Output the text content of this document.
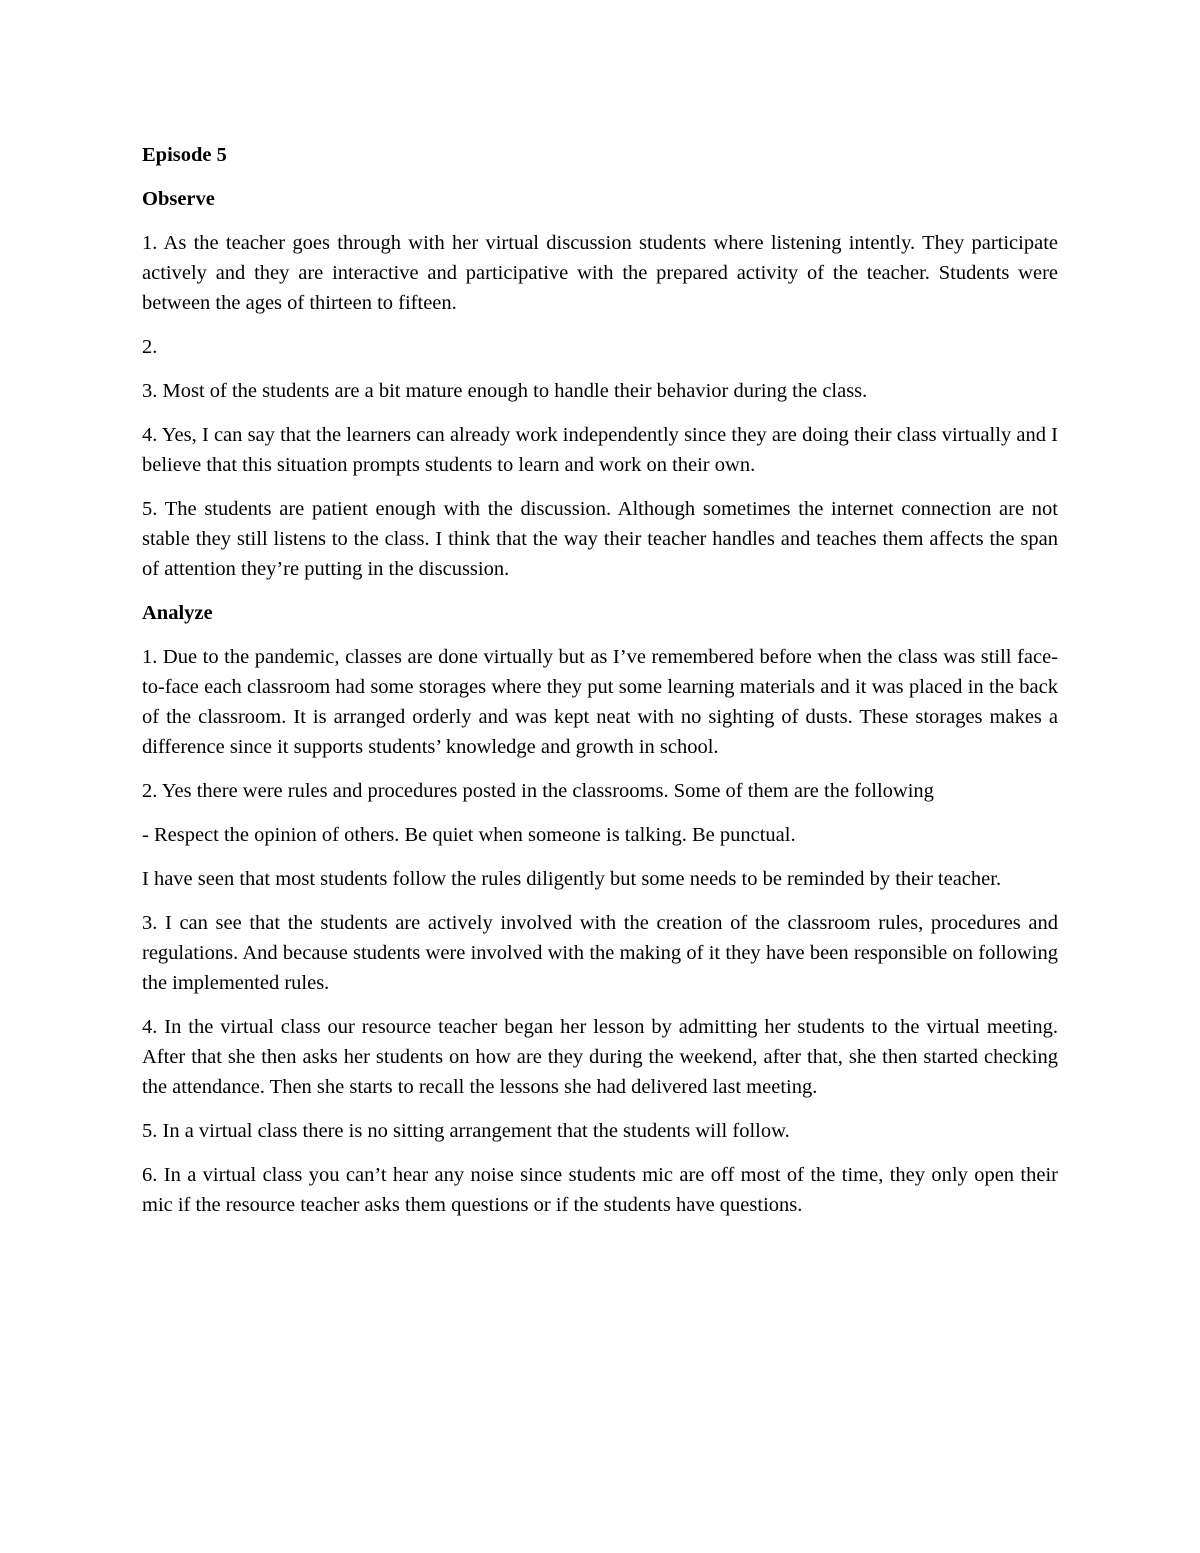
Episode 5
Observe

1. As the teacher goes through with her virtual discussion students where listening intently. They participate actively and they are interactive and participative with the prepared activity of the teacher. Students were between the ages of thirteen to fifteen.

2.

3. Most of the students are a bit mature enough to handle their behavior during the class.

4. Yes, I can say that the learners can already work independently since they are doing their class virtually and I believe that this situation prompts students to learn and work on their own.

5. The students are patient enough with the discussion. Although sometimes the internet connection are not stable they still listens to the class. I think that the way their teacher handles and teaches them affects the span of attention they’re putting in the discussion.

Analyze

1. Due to the pandemic, classes are done virtually but as I’ve remembered before when the class was still face-to-face each classroom had some storages where they put some learning materials and it was placed in the back of the classroom. It is arranged orderly and was kept neat with no sighting of dusts. These storages makes a difference since it supports students’ knowledge and growth in school.

2. Yes there were rules and procedures posted in the classrooms. Some of them are the following

- Respect the opinion of others. Be quiet when someone is talking. Be punctual.

I have seen that most students follow the rules diligently but some needs to be reminded by their teacher.

3. I can see that the students are actively involved with the creation of the classroom rules, procedures and regulations. And because students were involved with the making of it they have been responsible on following the implemented rules.

4. In the virtual class our resource teacher began her lesson by admitting her students to the virtual meeting. After that she then asks her students on how are they during the weekend, after that, she then started checking the attendance. Then she starts to recall the lessons she had delivered last meeting.

5. In a virtual class there is no sitting arrangement that the students will follow.

6. In a virtual class you can’t hear any noise since students mic are off most of the time, they only open their mic if the resource teacher asks them questions or if the students have questions.
